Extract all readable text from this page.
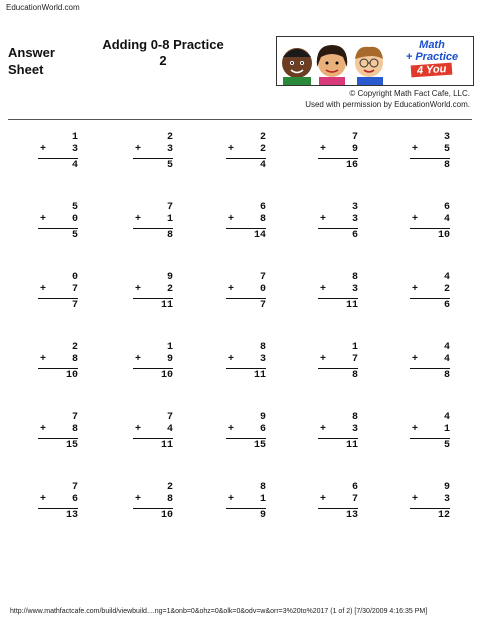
EducationWorld.com
Answer
Sheet
Adding 0-8 Practice
2
Math
+ Practice
4 You
© Copyright Math Fact Cafe, LLC.
Used with permission by EducationWorld.com.
1
+	3
4
2
+	3
5
2
+	2
4
7
+	9
16
3
+	5
8
5
+	0
5
7
+	1
8
6
+	8
14
3
+	3
6
6
+	4
10
0
+	7
7
9
+	2
11
7
+	0
7
8
+	3
11
4
+	2
6
2
+	8
10
1
+	9
10
8
+	3
11
1
+	7
8
4
+	4
8
7
+	8
15
7
+	4
11
9
+	6
15
8
+	3
11
4
+	1
5
7
+	6
13
2
+	8
10
8
+	1
9
6
+	7
13
9
+	3
12
http://www.mathfactcafe.com/build/viewbuild....ng=1&onb=0&ohz=0&olk=0&odv=w&orr=3%20to%2017 (1 of 2) [7/30/2009 4:16:35 PM]
